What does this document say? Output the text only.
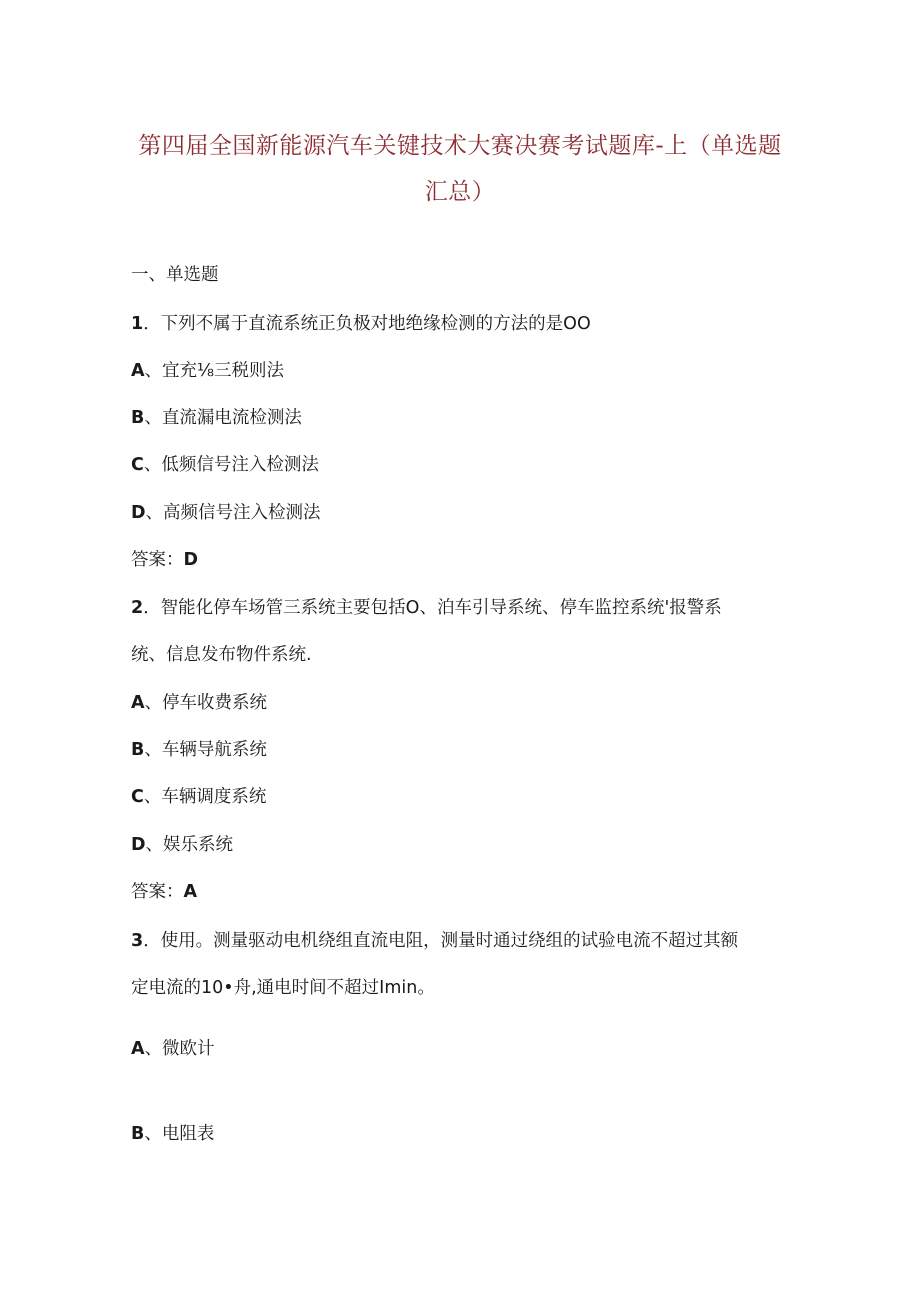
第四届全国新能源汽车关键技术大赛决赛考试题库-上（单选题
汇总）

一、单选题

1．下列不属于直流系统正负极对地绝缘检测的方法的是OO

A、宜充⅛三税则法

B、直流漏电流检测法

C、低频信号注入检测法

D、高频信号注入检测法

答案：D

2．智能化停车场管三系统主要包括O、泊车引导系统、停车监控系统'报警系

统、信息发布物件系统.

A、停车收费系统

B、车辆导航系统

C、车辆调度系统

D、娱乐系统

答案：A

3．使用。测量驱动电机绕组直流电阻，测量时通过绕组的试验电流不超过其额

定电流的10•舟,通电时间不超过Imin。

A、微欧计

B、电阻表
